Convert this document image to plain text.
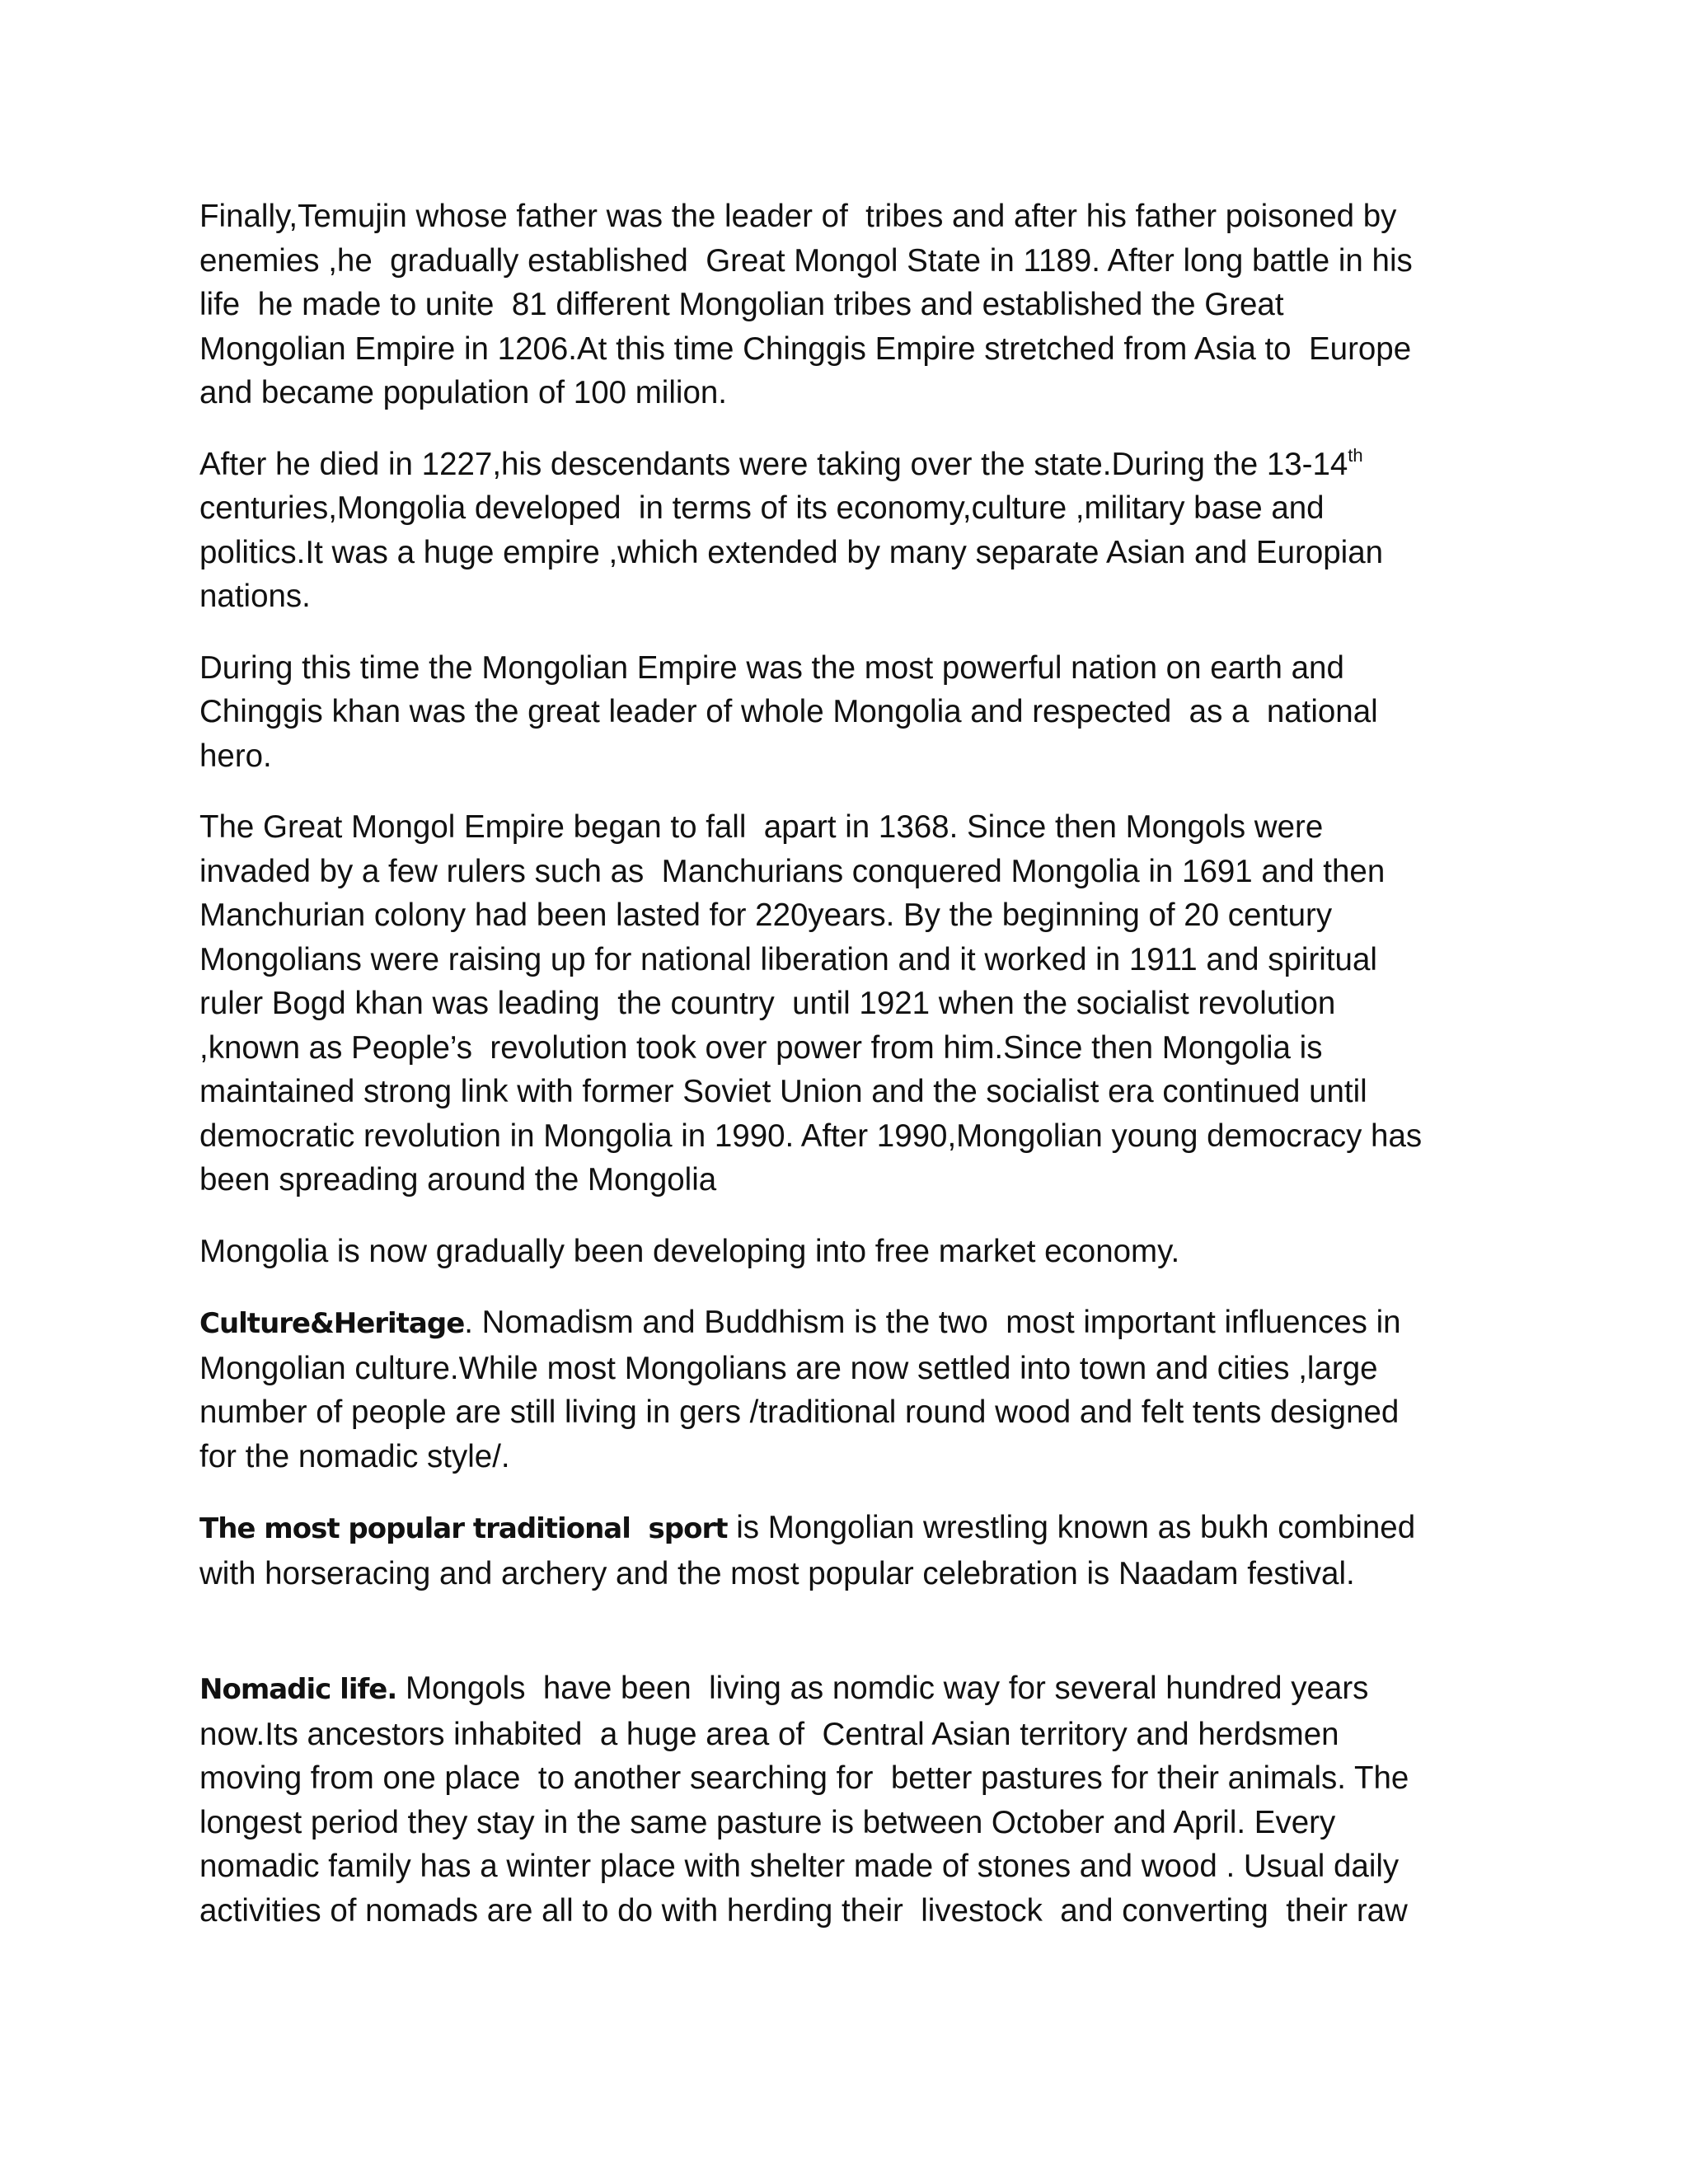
Finally,Temujin whose father was the leader of  tribes and after his father poisoned by
enemies ,he  gradually established  Great Mongol State in 1189. After long battle in his
life  he made to unite  81 different Mongolian tribes and established the Great
Mongolian Empire in 1206.At this time Chinggis Empire stretched from Asia to  Europe
and became population of 100 milion.

After he died in 1227,his descendants were taking over the state.During the 13-14th
centuries,Mongolia developed  in terms of its economy,culture ,military base and
politics.It was a huge empire ,which extended by many separate Asian and Europian
nations.

During this time the Mongolian Empire was the most powerful nation on earth and
Chinggis khan was the great leader of whole Mongolia and respected  as a  national
hero.

The Great Mongol Empire began to fall  apart in 1368. Since then Mongols were
invaded by a few rulers such as  Manchurians conquered Mongolia in 1691 and then
Manchurian colony had been lasted for 220years. By the beginning of 20 century
Mongolians were raising up for national liberation and it worked in 1911 and spiritual
ruler Bogd khan was leading  the country  until 1921 when the socialist revolution
,known as People’s  revolution took over power from him.Since then Mongolia is
maintained strong link with former Soviet Union and the socialist era continued until
democratic revolution in Mongolia in 1990. After 1990,Mongolian young democracy has
been spreading around the Mongolia

Mongolia is now gradually been developing into free market economy.

Culture&Heritage. Nomadism and Buddhism is the two  most important influences in
Mongolian culture.While most Mongolians are now settled into town and cities ,large
number of people are still living in gers /traditional round wood and felt tents designed
for the nomadic style/.

The most popular traditional  sport is Mongolian wrestling known as bukh combined
with horseracing and archery and the most popular celebration is Naadam festival.

Nomadic life. Mongols  have been  living as nomdic way for several hundred years
now.Its ancestors inhabited  a huge area of  Central Asian territory and herdsmen
moving from one place  to another searching for  better pastures for their animals. The
longest period they stay in the same pasture is between October and April. Every
nomadic family has a winter place with shelter made of stones and wood . Usual daily
activities of nomads are all to do with herding their  livestock  and converting  their raw
